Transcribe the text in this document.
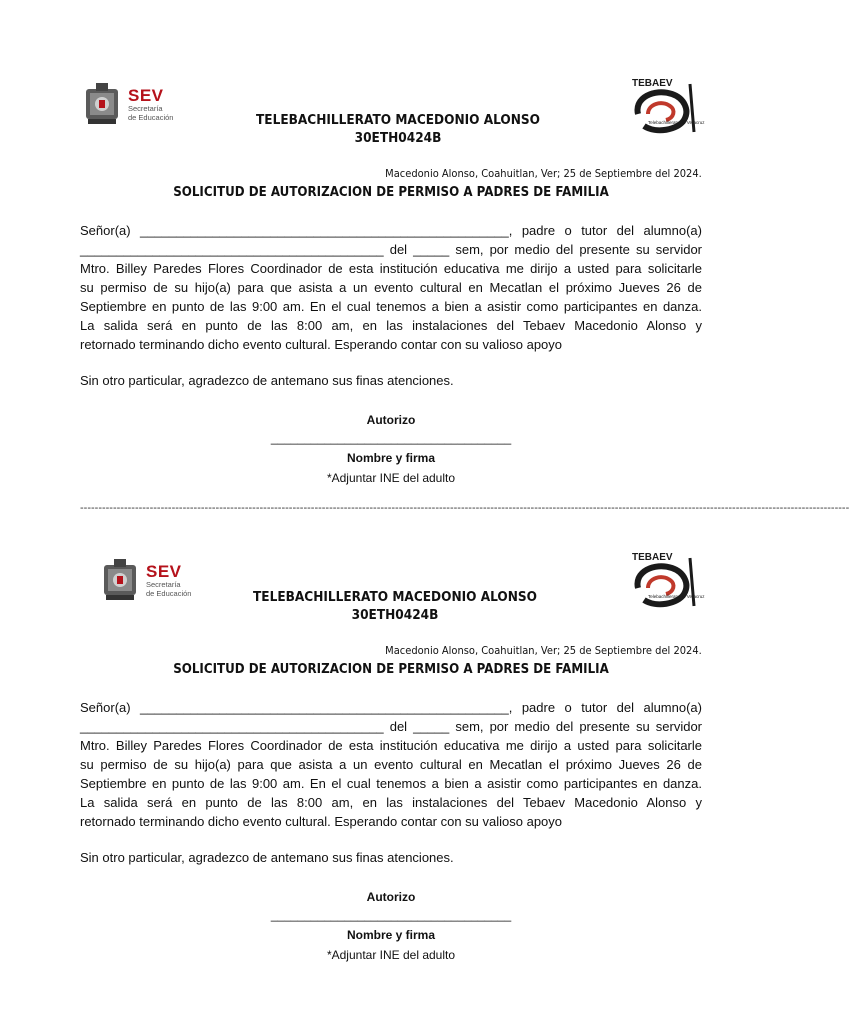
SEV
Secretaría
de Educación
TEBAEV
Telebachillerato de Veracruz
TELEBACHILLERATO MACEDONIO ALONSO
30ETH0424B
Macedonio Alonso, Coahuitlan, Ver; 25 de Septiembre del 2024.
SOLICITUD DE AUTORIZACION DE PERMISO A PADRES DE FAMILIA
Señor(a) ___________________________________________________, padre o tutor del alumno(a)
__________________________________________ del _____ sem, por medio del presente su servidor
Mtro. Billey Paredes Flores Coordinador de esta institución educativa me dirijo a usted para solicitarle
su permiso de su hijo(a) para que asista a un evento cultural en Mecatlan el próximo Jueves 26 de
Septiembre en punto de las 9:00 am. En el cual tenemos a bien a asistir como participantes en danza.
La salida será en punto de las 8:00 am, en las instalaciones del Tebaev Macedonio Alonso y
retornado terminando dicho evento cultural. Esperando contar con su valioso apoyo
Sin otro particular, agradezco de antemano sus finas atenciones.
Autorizo
____________________________________
Nombre y firma
*Adjuntar INE del adulto
------------------------------------------------------------------------------------------------------------------------------------------------------------------------------------------------------------------
SEV
Secretaría
de Educación
TEBAEV
Telebachillerato de Veracruz
TELEBACHILLERATO MACEDONIO ALONSO
30ETH0424B
Macedonio Alonso, Coahuitlan, Ver; 25 de Septiembre del 2024.
SOLICITUD DE AUTORIZACION DE PERMISO A PADRES DE FAMILIA
Señor(a) ___________________________________________________, padre o tutor del alumno(a)
__________________________________________ del _____ sem, por medio del presente su servidor
Mtro. Billey Paredes Flores Coordinador de esta institución educativa me dirijo a usted para solicitarle
su permiso de su hijo(a) para que asista a un evento cultural en Mecatlan el próximo Jueves 26 de
Septiembre en punto de las 9:00 am. En el cual tenemos a bien a asistir como participantes en danza.
La salida será en punto de las 8:00 am, en las instalaciones del Tebaev Macedonio Alonso y
retornado terminando dicho evento cultural. Esperando contar con su valioso apoyo
Sin otro particular, agradezco de antemano sus finas atenciones.
Autorizo
____________________________________
Nombre y firma
*Adjuntar INE del adulto
